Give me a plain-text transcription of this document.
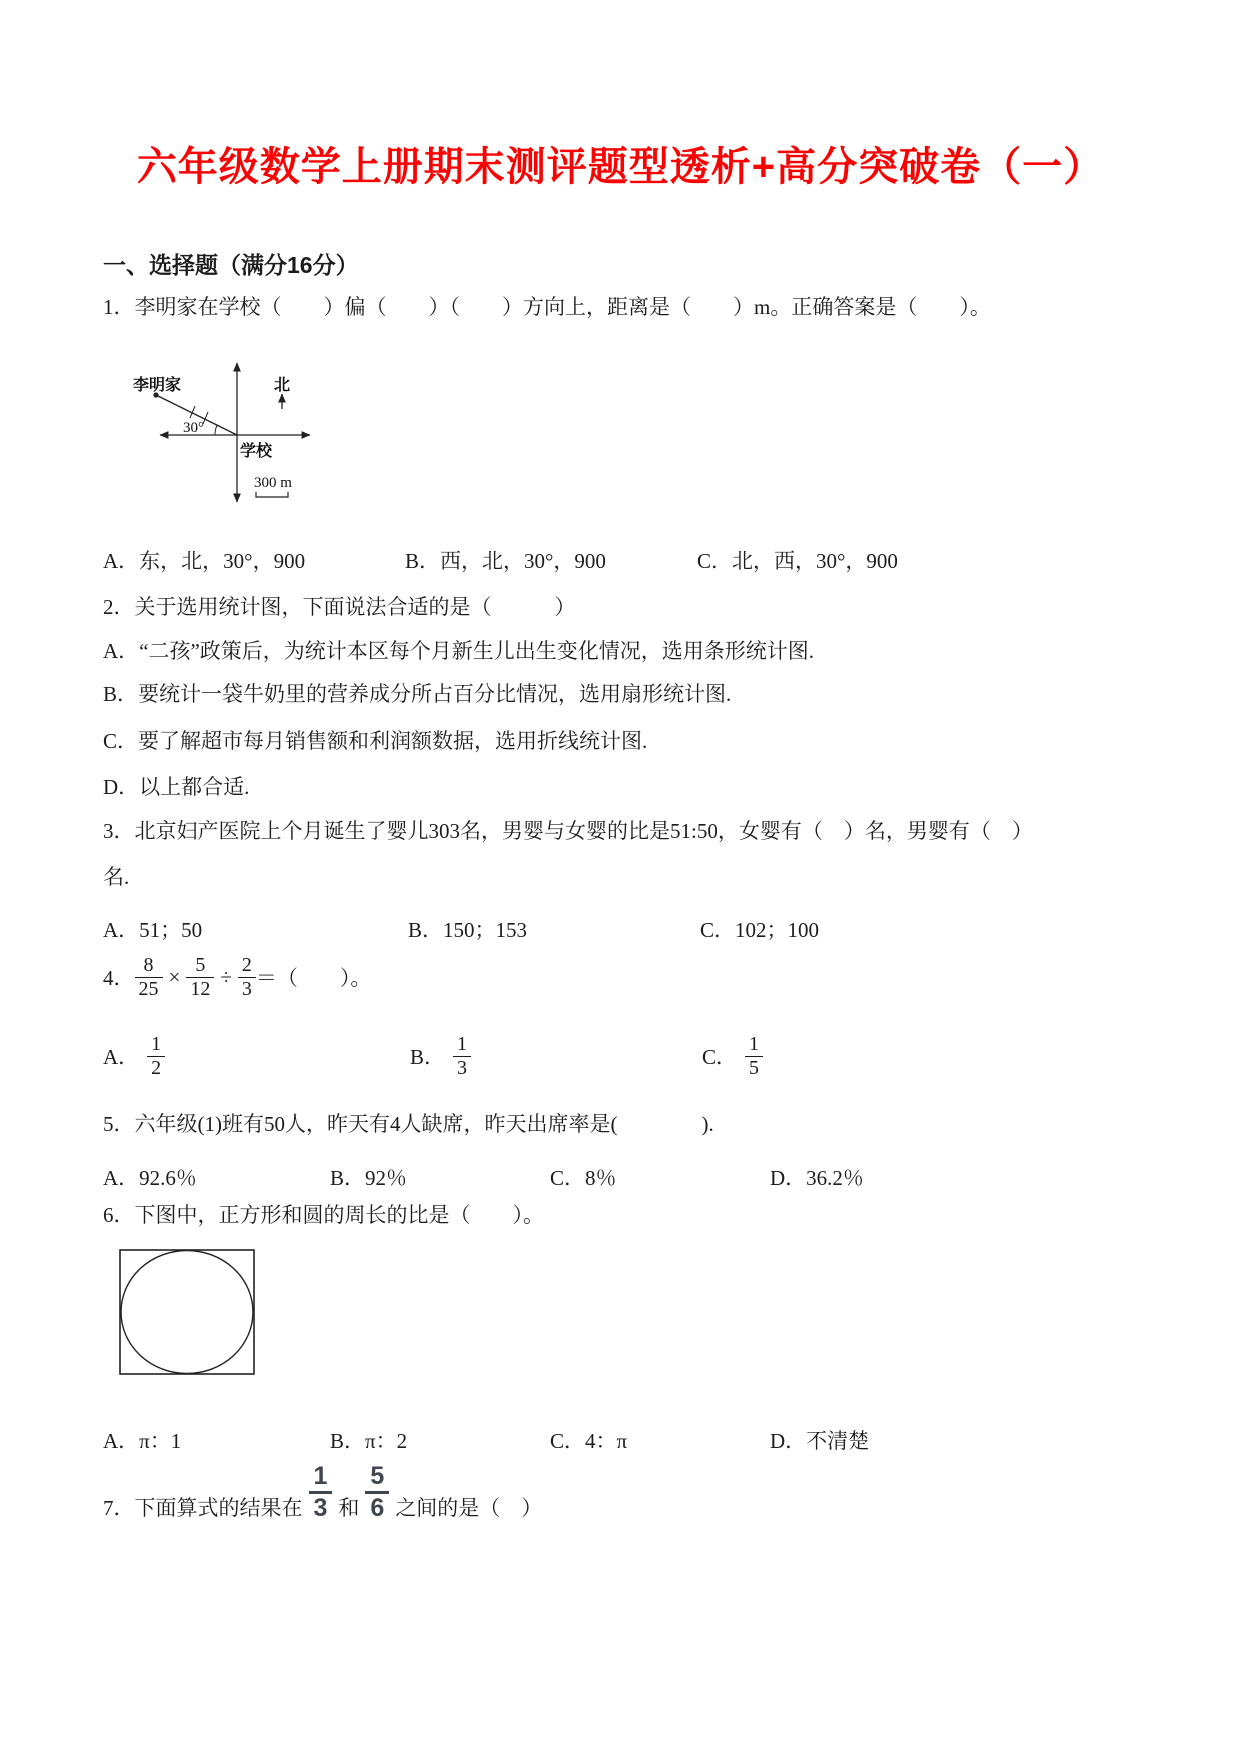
六年级数学上册期末测评题型透析+高分突破卷（一）
一、选择题（满分16分）
1．李明家在学校（　　）偏（　　）（　　）方向上，距离是（　　）m。正确答案是（　　）。
李明家	北
30°
学校
300 m
A．东，北，30°，900	B．西，北，30°，900	C．北，西，30°，900
2．关于选用统计图，下面说法合适的是（　　　）
A．“二孩”政策后，为统计本区每个月新生儿出生变化情况，选用条形统计图.
B．要统计一袋牛奶里的营养成分所占百分比情况，选用扇形统计图.
C．要了解超市每月销售额和利润额数据，选用折线统计图.
D．以上都合适.
3．北京妇产医院上个月诞生了婴儿303名，男婴与女婴的比是51:50，女婴有（　）名，男婴有（　）
名.
A．51；50	B．150；153	C．102；100
4． $\frac{8}{25} \times \frac{5}{12} \div \frac{2}{3}$ ＝（　　）。
A． $\frac{1}{2}$	B． $\frac{1}{3}$	C． $\frac{1}{5}$
5．六年级(1)班有50人，昨天有4人缺席，昨天出席率是(　　　　).
A．92.6％	B．92％	C．8％	D．36.2％
6．下图中，正方形和圆的周长的比是（　　）。
A．π：1	B．π：2	C．4：π	D．不清楚
7．下面算式的结果在
1
3 和
5
6 之间的是（　）
